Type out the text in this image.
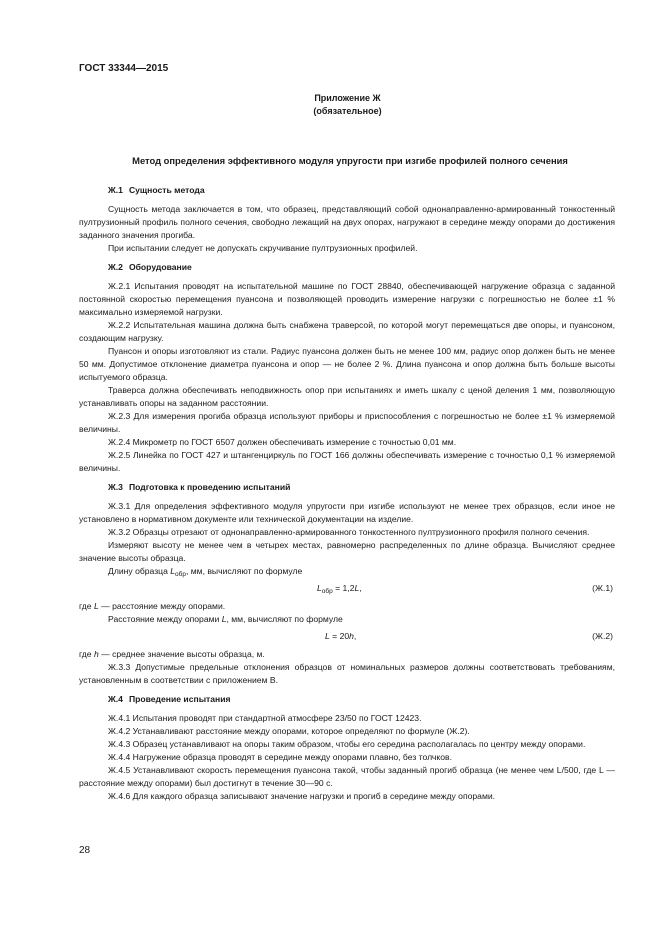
ГОСТ 33344—2015
Приложение Ж
(обязательное)
Метод определения эффективного модуля упругости при изгибе профилей полного сечения
Ж.1 Сущность метода

Сущность метода заключается в том, что образец, представляющий собой однонаправленно-армированный тонкостенный пултрузионный профиль полного сечения, свободно лежащий на двух опорах, нагружают в середине между опорами до достижения заданного значения прогиба.

При испытании следует не допускать скручивание пултрузионных профилей.

Ж.2 Оборудование

Ж.2.1 Испытания проводят на испытательной машине по ГОСТ 28840, обеспечивающей нагружение образца с заданной постоянной скоростью перемещения пуансона и позволяющей проводить измерение нагрузки с погрешностью не более ±1 % максимально измеряемой нагрузки.

Ж.2.2 Испытательная машина должна быть снабжена траверсой, по которой могут перемещаться две опоры, и пуансоном, создающим нагрузку.

Пуансон и опоры изготовляют из стали. Радиус пуансона должен быть не менее 100 мм, радиус опор должен быть не менее 50 мм. Допустимое отклонение диаметра пуансона и опор — не более 2 %. Длина пуансона и опор должна быть больше высоты испытуемого образца.

Траверса должна обеспечивать неподвижность опор при испытаниях и иметь шкалу с ценой деления 1 мм, позволяющую устанавливать опоры на заданном расстоянии.

Ж.2.3 Для измерения прогиба образца используют приборы и приспособления с погрешностью не более ±1 % измеряемой величины.

Ж.2.4 Микрометр по ГОСТ 6507 должен обеспечивать измерение с точностью 0,01 мм.

Ж.2.5 Линейка по ГОСТ 427 и штангенциркуль по ГОСТ 166 должны обеспечивать измерение с точностью 0,1 % измеряемой величины.

Ж.3 Подготовка к проведению испытаний

Ж.3.1 Для определения эффективного модуля упругости при изгибе используют не менее трех образцов, если иное не установлено в нормативном документе или технической документации на изделие.

Ж.3.2 Образцы отрезают от однонаправленно-армированного тонкостенного пултрузионного профиля полного сечения.

Измеряют высоту не менее чем в четырех местах, равномерно распределенных по длине образца. Вычисляют среднее значение высоты образца.

Длину образца $L_{обр}$, мм, вычисляют по формуле

$L_{обр} = 1,2L$,	(Ж.1)

где L — расстояние между опорами.

Расстояние между опорами L, мм, вычисляют по формуле

L = 20h,	(Ж.2)

где h — среднее значение высоты образца, м.

Ж.3.3 Допустимые предельные отклонения образцов от номинальных размеров должны соответствовать требованиям, установленным в соответствии с приложением В.

Ж.4 Проведение испытания

Ж.4.1 Испытания проводят при стандартной атмосфере 23/50 по ГОСТ 12423.

Ж.4.2 Устанавливают расстояние между опорами, которое определяют по формуле (Ж.2).

Ж.4.3 Образец устанавливают на опоры таким образом, чтобы его середина располагалась по центру между опорами.

Ж.4.4 Нагружение образца проводят в середине между опорами плавно, без толчков.

Ж.4.5 Устанавливают скорость перемещения пуансона такой, чтобы заданный прогиб образца (не менее чем L/500, где L — расстояние между опорами) был достигнут в течение 30—90 с.

Ж.4.6 Для каждого образца записывают значение нагрузки и прогиб в середине между опорами.

28
